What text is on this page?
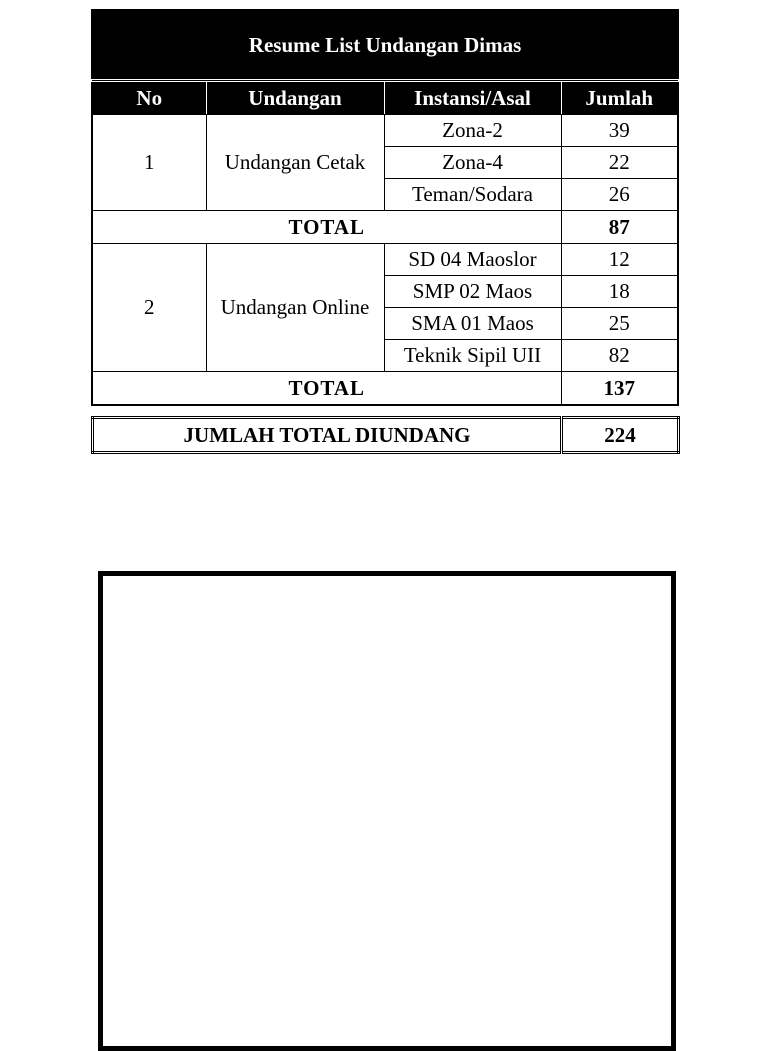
Resume List Undangan Dimas			
No	Undangan	Instansi/Asal	Jumlah
1	Undangan Cetak	Zona-2	39
		Zona-4	22
		Teman/Sodara	26
TOTAL			87
2	Undangan Online	SD 04 Maoslor	12
		SMP 02 Maos	18
		SMA 01 Maos	25
		Teknik Sipil UII	82
TOTAL			137
JUMLAH TOTAL DIUNDANG	224
